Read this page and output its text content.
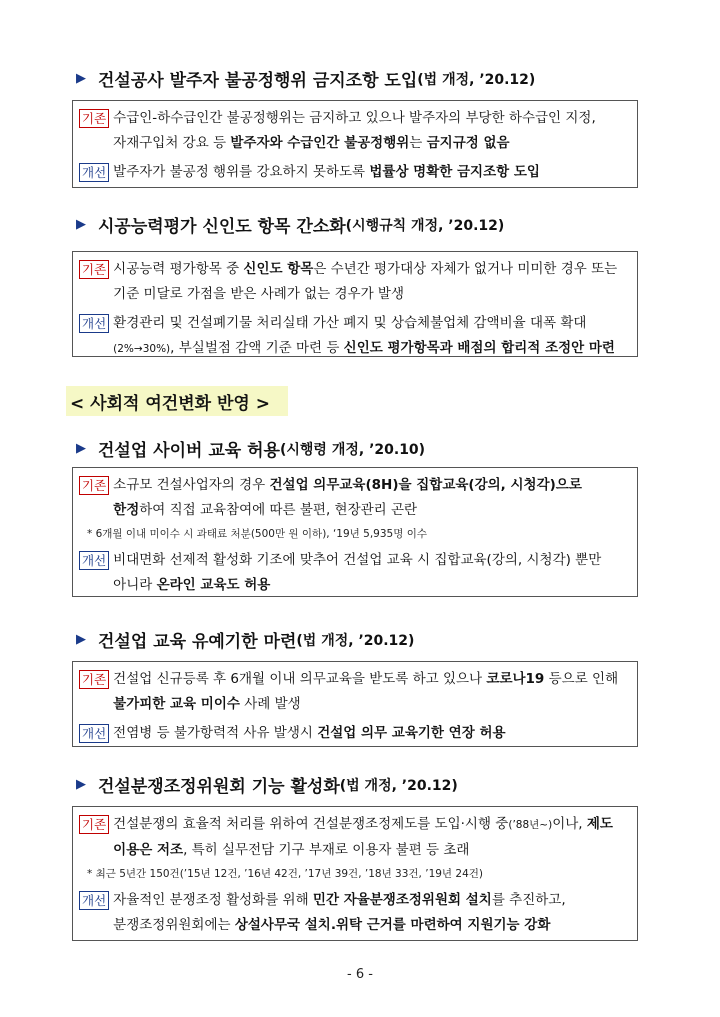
▶ 건설공사 발주자 불공정행위 금지조항 도입 (법 개정, ’20.12)
기존 수급인-하수급인간 불공정행위는 금지하고 있으나 발주자의 부당한 하수급인 지정, 자재구입처 강요 등 발주자와 수급인간 불공정행위는 금지규정 없음
개선 발주자가 불공정 행위를 강요하지 못하도록 법률상 명확한 금지조항 도입
▶ 시공능력평가 신인도 항목 간소화 (시행규칙 개정, ’20.12)
기존 시공능력 평가항목 중 신인도 항목은 수년간 평가대상 자체가 없거나 미미한 경우 또는 기준 미달로 가점을 받은 사례가 없는 경우가 발생
개선 환경관리 및 건설폐기물 처리실태 가산 폐지 및 상습체불업체 감액비율 대폭 확대(2%→30%), 부실벌점 감액 기준 마련 등 신인도 평가항목과 배점의 합리적 조정안 마련
< 사회적 여건변화 반영 >
▶ 건설업 사이버 교육 허용 (시행령 개정, ’20.10)
기존 소규모 건설사업자의 경우 건설업 의무교육(8H)을 집합교육(강의, 시청각)으로 한정하여 직접 교육참여에 따른 불편, 현장관리 곤란
* 6개월 이내 미이수 시 과태료 처분(500만 원 이하), ‘19년 5,935명 이수
개선 비대면화 선제적 활성화 기조에 맞추어 건설업 교육 시 집합교육(강의, 시청각) 뿐만 아니라 온라인 교육도 허용
▶ 건설업 교육 유예기한 마련 (법 개정, ’20.12)
기존 건설업 신규등록 후 6개월 이내 의무교육을 받도록 하고 있으나 코로나19 등으로 인해 불가피한 교육 미이수 사례 발생
개선 전염병 등 불가항력적 사유 발생시 건설업 의무 교육기한 연장 허용
▶ 건설분쟁조정위원회 기능 활성화 (법 개정, ’20.12)
기존 건설분쟁의 효율적 처리를 위하여 건설분쟁조정제도를 도입·시행 중(’88년~)이나, 제도 이용은 저조, 특히 실무전담 기구 부재로 이용자 불편 등 초래
* 최근 5년간 150건(’15년 12건, ’16년 42건, ’17년 39건, ’18년 33건, ’19년 24건)
개선 자율적인 분쟁조정 활성화를 위해 민간 자율분쟁조정위원회 설치를 추진하고, 분쟁조정위원회에는 상설사무국 설치.위탁 근거를 마련하여 지원기능 강화
- 6 -
